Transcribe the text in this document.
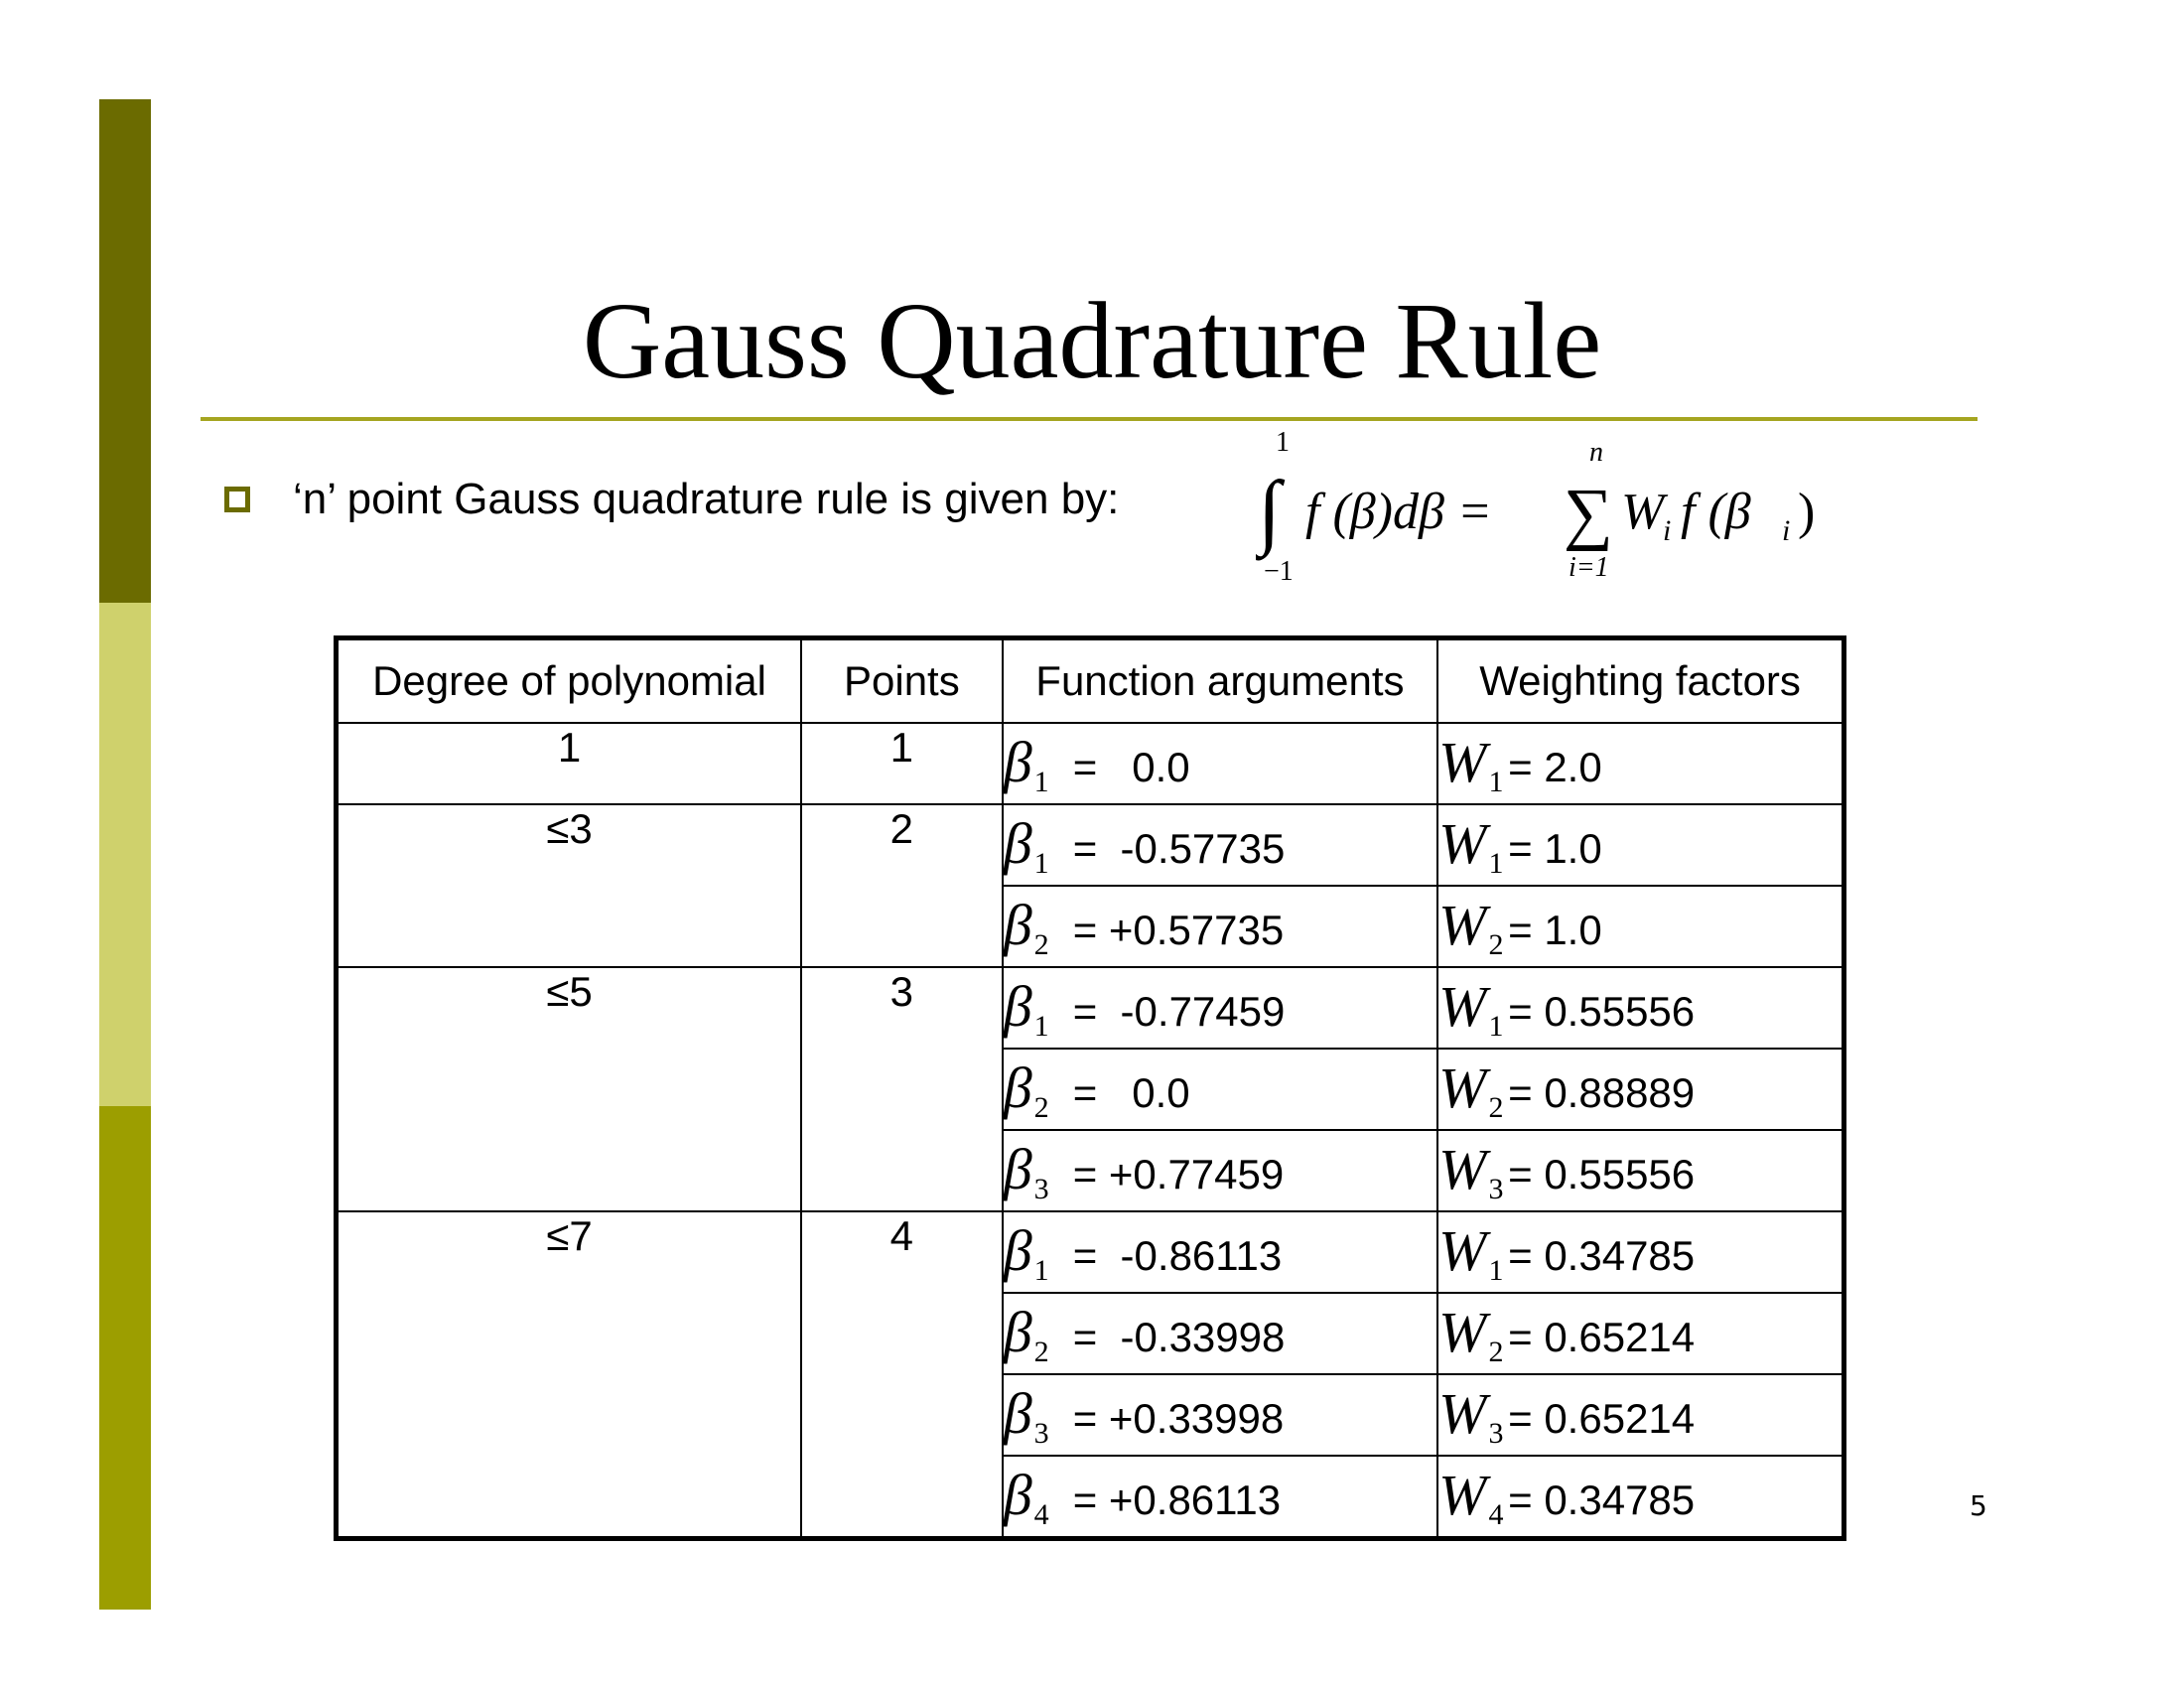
Gauss Quadrature Rule
‘n’ point Gauss quadrature rule is given by:
1
∫
−1
f (β)dβ =
n
∑
i=1
W
i f (β i )
Degree of polynomial	Points	Function arguments	Weighting factors
1	1	$\beta_1 = 0.0$	$W_1 = 2.0$
≤3	2	$\beta_1 = -0.57735$	$W_1 = 1.0$
		$\beta_2 = +0.57735$	$W_2 = 1.0$
≤5	3	$\beta_1 = -0.77459$	$W_1 = 0.55556$
		$\beta_2 = 0.0$	$W_2 = 0.88889$
		$\beta_3 = +0.77459$	$W_3 = 0.55556$
≤7	4	$\beta_1 = -0.86113$	$W_1 = 0.34785$
		$\beta_2 = -0.33998$	$W_2 = 0.65214$
		$\beta_3 = +0.33998$	$W_3 = 0.65214$
		$\beta_4 = +0.86113$	$W_4 = 0.34785$	5
